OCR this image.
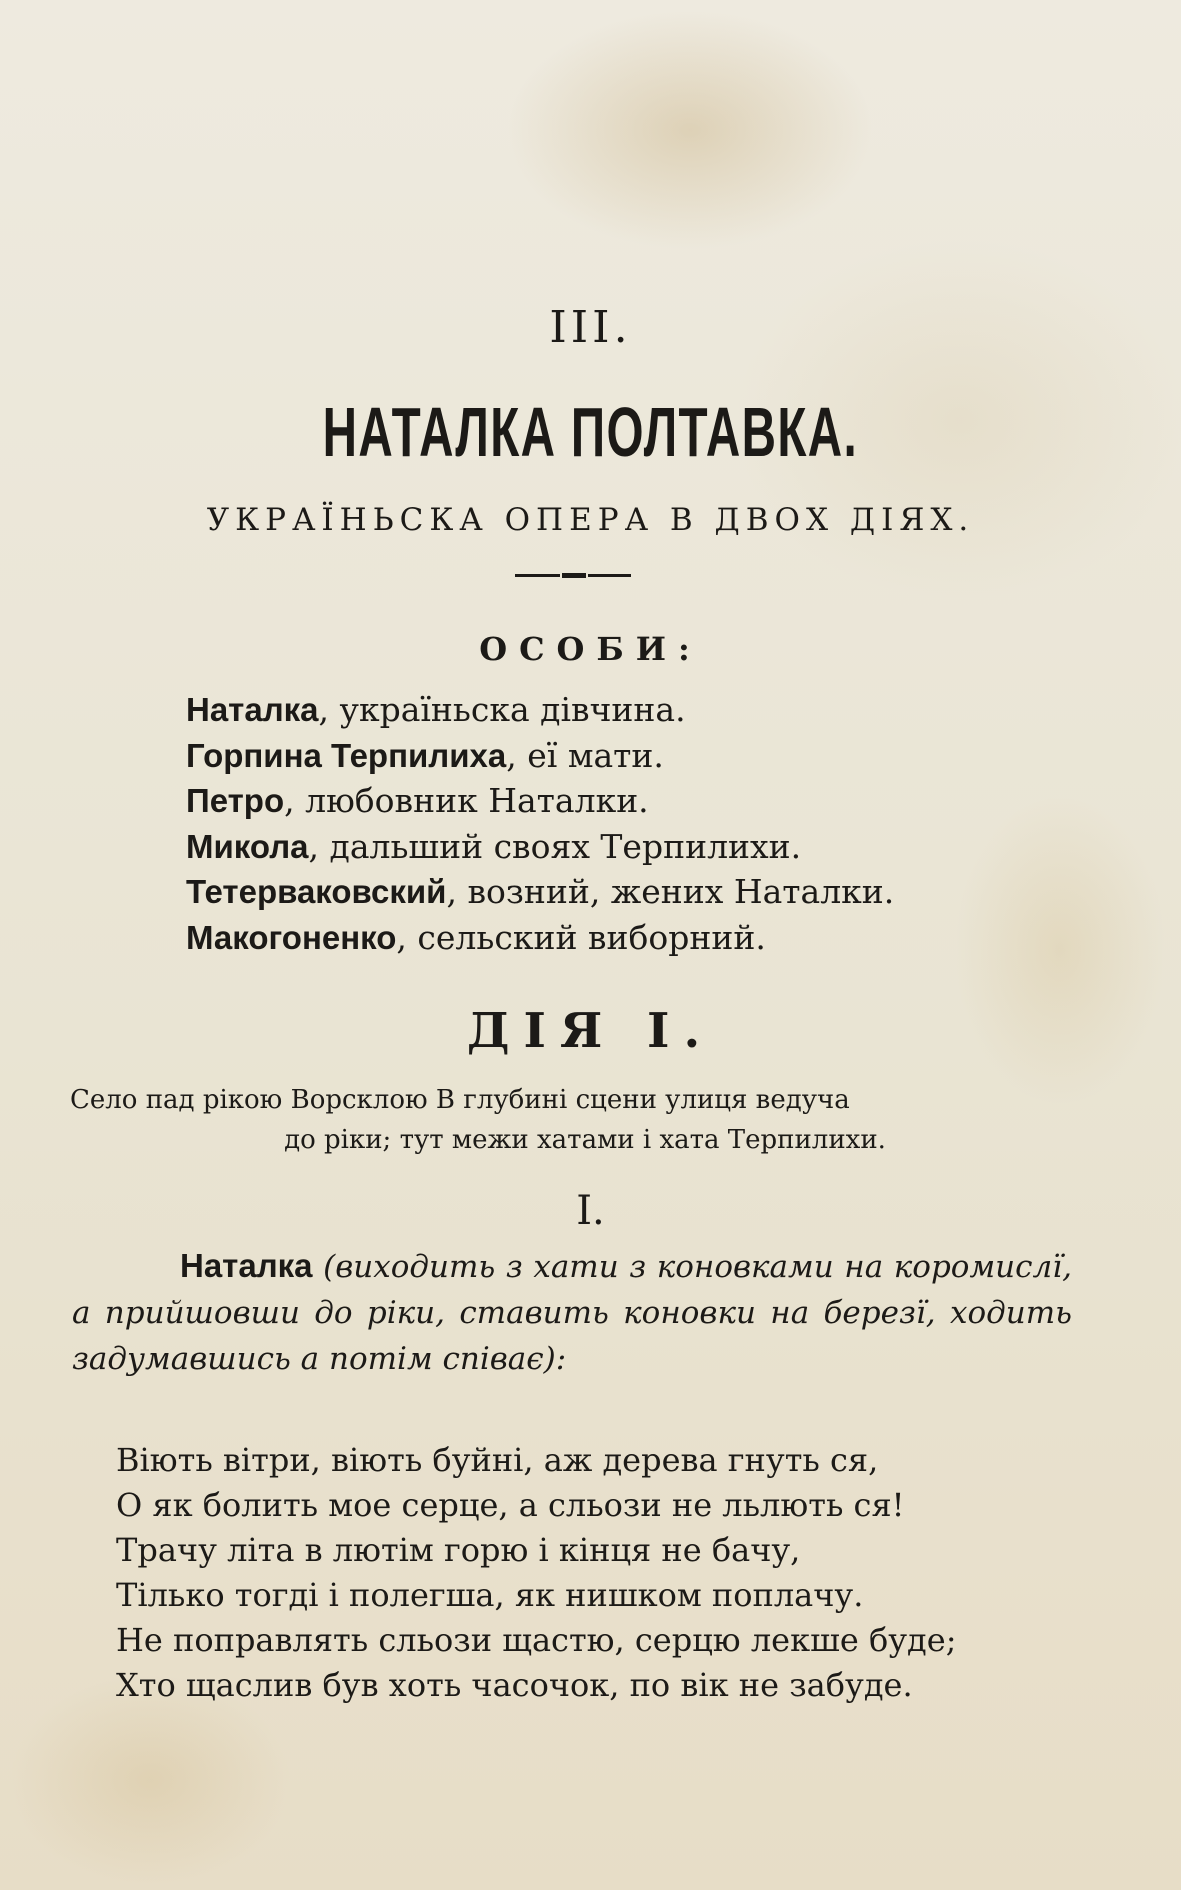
III.
НАТАЛКА ПОЛТАВКА.
УКРАЇНЬСКА ОПЕРА В ДВОХ ДІЯХ.
ОСОБИ:
Наталка, україньска дівчина.
Горпина Терпилиха, еї мати.
Петро, любовник Наталки.
Микола, дальший своях Терпилихи.
Тетерваковский, возний, жених Наталки.
Макогоненко, сельский виборний.
ДІЯ I.
Село пад рікою Ворсклою В глубині сцени улиця ведуча
до ріки; тут межи хатами і хата Терпилихи.
I.
Наталка (виходить з хати з коновками на коромислї, а прийшовши до ріки, ставить коновки на березї, ходить задумавшись а потім співає):
Віють вітри, віють буйні, аж дерева гнуть ся,
О як болить мое серце, а сльози не льлють ся!
Трачу літа в лютім горю і кінця не бачу,
Тілько тогді і полегша, як нишком поплачу.
Не поправлять сльози щастю, серцю лекше буде;
Хто щаслив був хоть часочок, по вік не забуде.
